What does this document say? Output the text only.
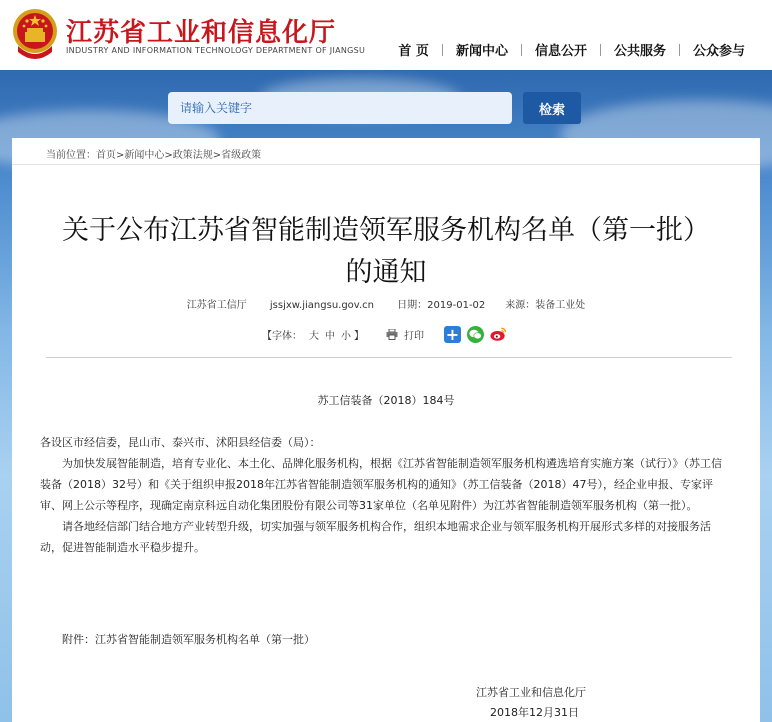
江苏省工业和信息化厅
INDUSTRY AND INFORMATION TECHNOLOGY DEPARTMENT OF JIANGSU	首 页	新闻中心	信息公开	公共服务	公众参与
请输入关键字
检索
当前位置：首页>新闻中心>政策法规>省级政策
关于公布江苏省智能制造领军服务机构名单（第一批）
的通知
江苏省工信厅 jssjxw.jiangsu.gov.cn 日期：2019-01-02 来源：装备工业处
【字体： 大 中 小 】	打印 +
苏工信装备（2018）184号

各设区市经信委，昆山市、泰兴市、沭阳县经信委（局）：

为加快发展智能制造，培育专业化、本土化、品牌化服务机构，根据《江苏省智能制造领军服务机构遴选培育实施方案（试行）》（苏工信装备（2018）32号）和《关于组织申报2018年江苏省智能制造领军服务机构的通知》（苏工信装备（2018）47号），经企业申报、专家评审、网上公示等程序，现确定南京科远自动化集团股份有限公司等31家单位（名单见附件）为江苏省智能制造领军服务机构（第一批）。

请各地经信部门结合地方产业转型升级，切实加强与领军服务机构合作，组织本地需求企业与领军服务机构开展形式多样的对接服务活动，促进智能制造水平稳步提升。

附件：江苏省智能制造领军服务机构名单（第一批）
江苏省工业和信息化厅
2018年12月31日
